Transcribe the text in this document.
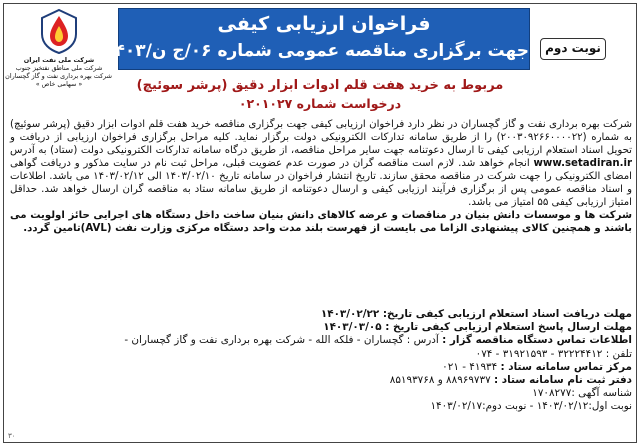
شرکت ملی نفت ایران
شرکت ملی مناطق نفتخیز جنوب
شرکت بهره برداری نفت و گاز گچساران
« سهامی خاص »
فراخوان ارزیابی کیفی
جهت برگزاری مناقصه عمومی شماره ۰۶/ج ن/۱۴۰۳	نوبت دوم
مربوط به خرید هفت قلم ادوات ابزار دقیق (پرشر سوئیچ)
درخواست شماره ۰۲۰۱۰۲۷

شرکت بهره برداری نفت و گاز گچساران در نظر دارد فراخوان ارزیابی کیفی جهت برگزاری مناقصه خرید هفت قلم ادوات ابزار دقیق (پرشر سوئیچ) به شماره (۲۰۰۳۰۹۲۶۶۰۰۰۰۲۲) را از طریق سامانه تدارکات الکترونیکی دولت برگزار نماید. کلیه مراحل برگزاری فراخوان ارزیابی از دریافت و تحویل اسناد استعلام ارزیابی کیفی تا ارسال دعوتنامه جهت سایر مراحل مناقصه، از طریق درگاه سامانه تدارکات الکترونیکی دولت (ستاد) به آدرس www.setadiran.ir انجام خواهد شد. لازم است مناقصه گران در صورت عدم عضویت قبلی، مراحل ثبت نام در سایت مذکور و دریافت گواهی امضای الکترونیکی را جهت شرکت در مناقصه محقق سازند. تاریخ انتشار فراخوان در سامانه تاریخ ۱۴۰۳/۰۲/۱۰ الی ۱۴۰۳/۰۲/۱۲ می باشد. اطلاعات و اسناد مناقصه عمومی پس از برگزاری فرآیند ارزیابی کیفی و ارسال دعوتنامه از طریق سامانه ستاد به مناقصه گران ارسال خواهد شد. حداقل امتیاز ارزیابی کیفی ۵۵ امتیاز می باشد.

شرکت ها و موسسات دانش بنیان در مناقصات و عرضه کالاهای دانش بنیان ساخت داخل دستگاه های اجرایی حائز اولویت می باشند و همچنین کالای پیشنهادی الزاما می بایست از فهرست بلند مدت واحد دستگاه مرکزی وزارت نفت (AVL)تامین گردد.

مهلت دریافت اسناد استعلام ارزیابی کیفی تاریخ: ۱۴۰۳/۰۲/۲۲
مهلت ارسال پاسخ استعلام ارزیابی کیفی تاریخ : ۱۴۰۳/۰۳/۰۵
اطلاعات تماس دستگاه مناقصه گزار : آدرس : گچساران - فلکه الله - شرکت بهره برداری نفت و گاز گچساران -
تلفن : ۳۲۲۲۴۴۱۲ - ۳۱۹۲۱۵۹۳ - ۰۷۴
مرکز تماس سامانه ستاد : ۴۱۹۳۴ - ۰۲۱
دفتر ثبت نام سامانه ستاد : ۸۸۹۶۹۷۳۷ و ۸۵۱۹۳۷۶۸
شناسه آگهی :۱۷۰۸۲۷۷
نوبت اول:۱۴۰۳/۰۲/۱۲ - نوبت دوم:۱۴۰۳/۰۲/۱۷
۳۰
